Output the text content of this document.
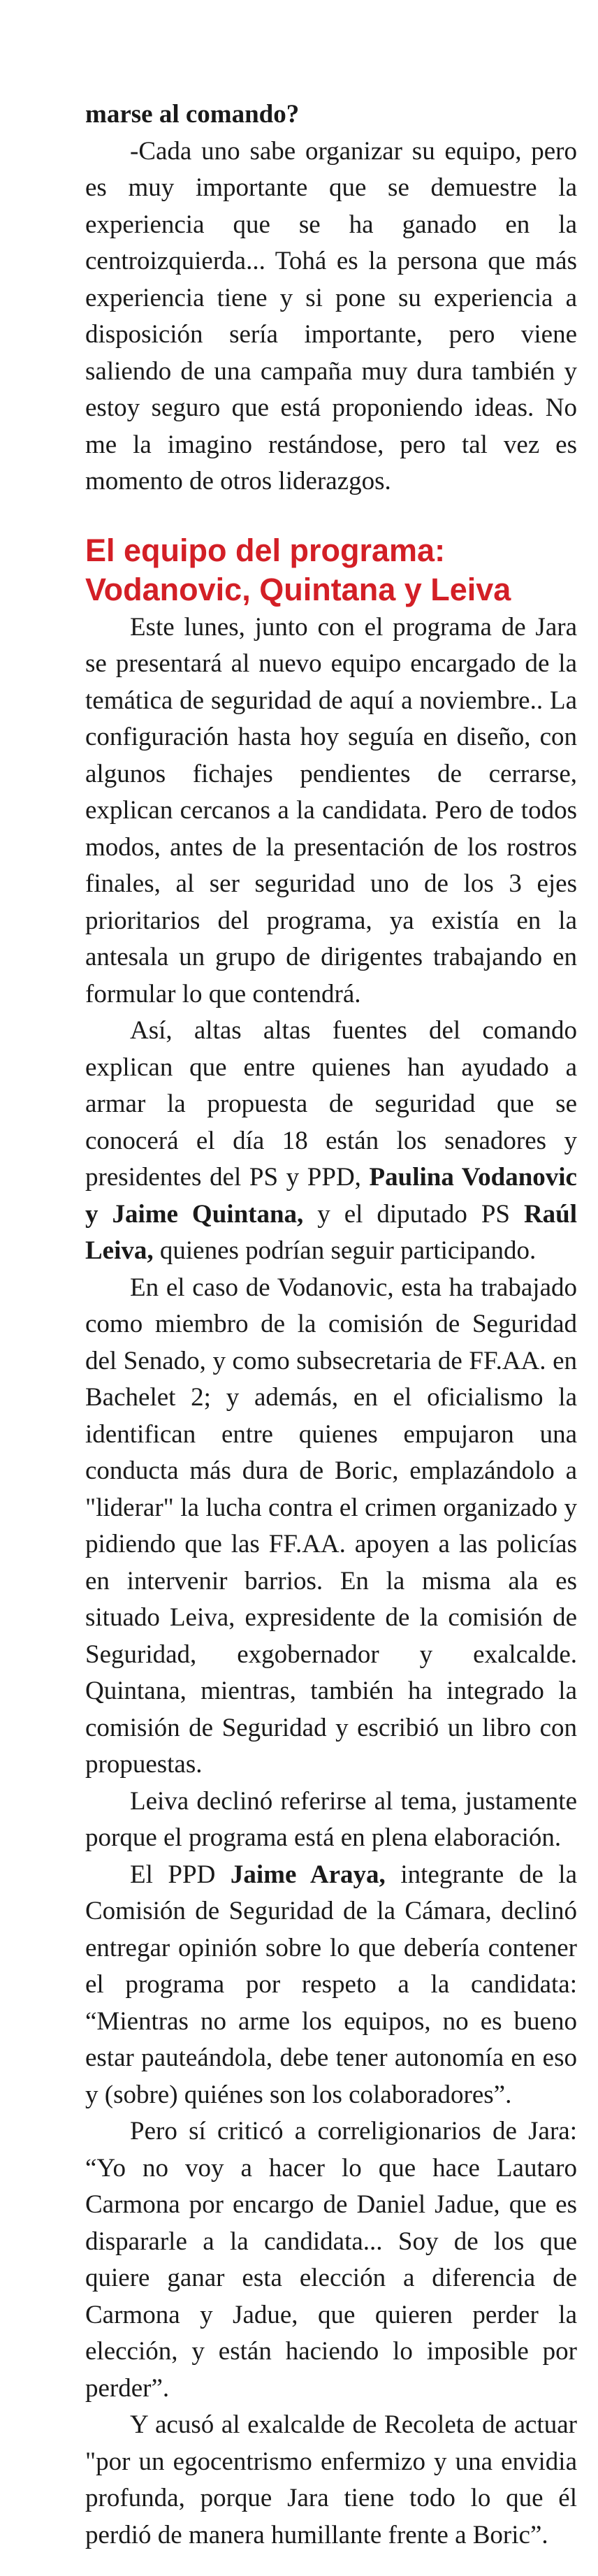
marse al comando?

-Cada uno sabe organizar su equipo, pero es muy importante que se demuestre la experiencia que se ha ganado en la centroizquierda... Tohá es la persona que más experiencia tiene y si pone su experiencia a disposición sería importante, pero viene saliendo de una campaña muy dura también y estoy seguro que está proponiendo ideas. No me la imagino restándose, pero tal vez es momento de otros liderazgos.

El equipo del programa:
Vodanovic, Quintana y Leiva

Este lunes, junto con el programa de Jara se presentará al nuevo equipo encargado de la temática de seguridad de aquí a noviembre.. La configuración hasta hoy seguía en diseño, con algunos fichajes pendientes de cerrarse, explican cercanos a la candidata. Pero de todos modos, antes de la presentación de los rostros finales, al ser seguridad uno de los 3 ejes prioritarios del programa, ya existía en la antesala un grupo de dirigentes trabajando en formular lo que contendrá.

Así, altas altas fuentes del comando explican que entre quienes han ayudado a armar la propuesta de seguridad que se conocerá el día 18 están los senadores y presidentes del PS y PPD, Paulina Vodanovic y Jaime Quintana, y el diputado PS Raúl Leiva, quienes podrían seguir participando.

En el caso de Vodanovic, esta ha trabajado como miembro de la comisión de Seguridad del Senado, y como subsecretaria de FF.AA. en Bachelet 2; y además, en el oficialismo la identifican entre quienes empujaron una conducta más dura de Boric, emplazándolo a "liderar" la lucha contra el crimen organizado y pidiendo que las FF.AA. apoyen a las policías en intervenir barrios. En la misma ala es situado Leiva, expresidente de la comisión de Seguridad, exgobernador y exalcalde. Quintana, mientras, también ha integrado la comisión de Seguridad y escribió un libro con propuestas.

Leiva declinó referirse al tema, justamente porque el programa está en plena elaboración.

El PPD Jaime Araya, integrante de la Comisión de Seguridad de la Cámara, declinó entregar opinión sobre lo que debería contener el programa por respeto a la candidata: “Mientras no arme los equipos, no es bueno estar pauteándola, debe tener autonomía en eso y (sobre) quiénes son los colaboradores”.

Pero sí criticó a correligionarios de Jara: “Yo no voy a hacer lo que hace Lautaro Carmona por encargo de Daniel Jadue, que es dispararle a la candidata... Soy de los que quiere ganar esta elección a diferencia de Carmona y Jadue, que quieren perder la elección, y están haciendo lo imposible por perder”.

Y acusó al exalcalde de Recoleta de actuar "por un egocentrismo enfermizo y una envidia profunda, porque Jara tiene todo lo que él perdió de manera humillante frente a Boric”.
